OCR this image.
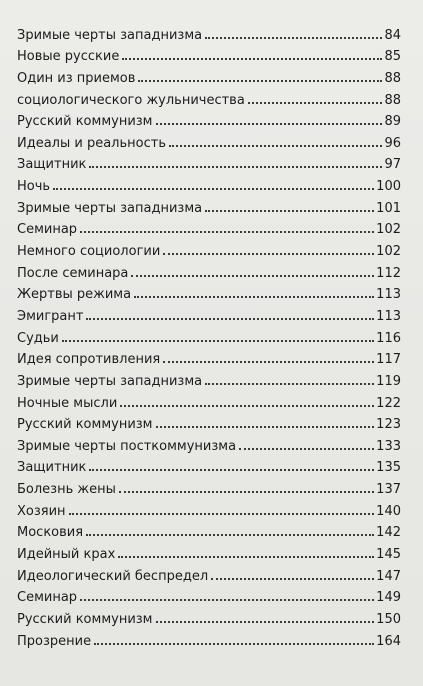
Зримые черты западнизма	84
Новые русские	85
Один из приемов	88
социологического жульничества	88
Русский коммунизм	89
Идеалы и реальность	96
Защитник	97
Ночь	100
Зримые черты западнизма	101
Семинар	102
Немного социологии	102
После семинара	112
Жертвы режима	113
Эмигрант	113
Судьи	116
Идея сопротивления	117
Зримые черты западнизма	119
Ночные мысли	122
Русский коммунизм	123
Зримые черты посткоммунизма	133
Защитник	135
Болезнь жены	137
Хозяин	140
Московия	142
Идейный крах	145
Идеологический беспредел	147
Семинар	149
Русский коммунизм	150
Прозрение	164
